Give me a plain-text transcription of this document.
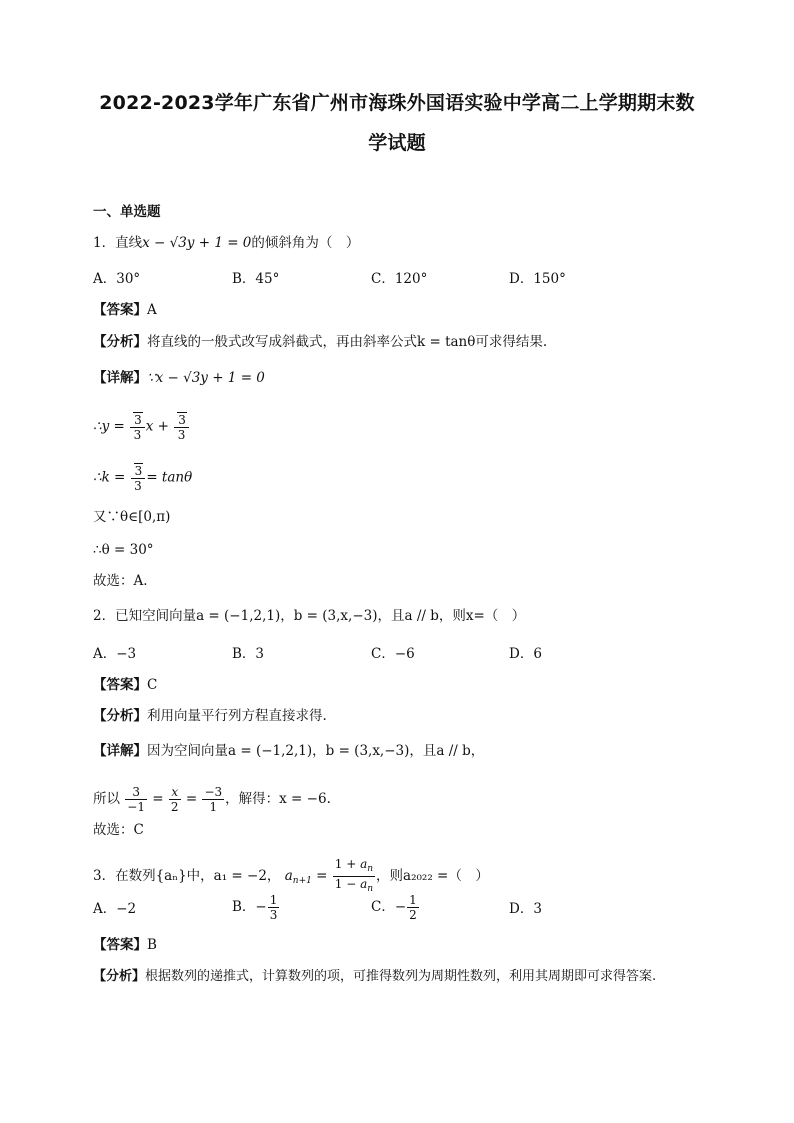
2022-2023学年广东省广州市海珠外国语实验中学高二上学期期末数
学试题
一、单选题
1．直线x − √3y + 1 = 0的倾斜角为（　）
A．30°	B．45°	C．120°	D．150°
【答案】A
【分析】将直线的一般式改写成斜截式，再由斜率公式k = tanθ可求得结果.
【详解】∵x − √3y + 1 = 0
∴y = $\frac{3}{3}$ $x + \frac{3}{3}$
∴k = $\frac{3}{3} = \tan\theta$
又∵θ∈[0,π)
∴θ = 30°
故选：A.
2．已知空间向量a = (−1,2,1)，b = (3,x,−3)，且a // b，则x=（　）
A．−3	B．3	C．−6	D．6
【答案】C
【分析】利用向量平行列方程直接求得.
【详解】因为空间向量a = (−1,2,1)，b = (3,x,−3)，且a // b，
所以 $\frac{3}{-1} = \frac{x}{2} = \frac{-3}{1}$ ，解得：x = −6.
故选：C
3．在数列{aₙ}中，a₁ = −2， $a_{n+1} = \frac{1 + a_n}{1 - a_n}$ ，则a₂₀₂₂ =（　）
A．−2	B．− $\frac{1}{3}$	C．− $\frac{1}{2}$	D．3
【答案】B
【分析】根据数列的递推式，计算数列的项，可推得数列为周期性数列，利用其周期即可求得答案.
